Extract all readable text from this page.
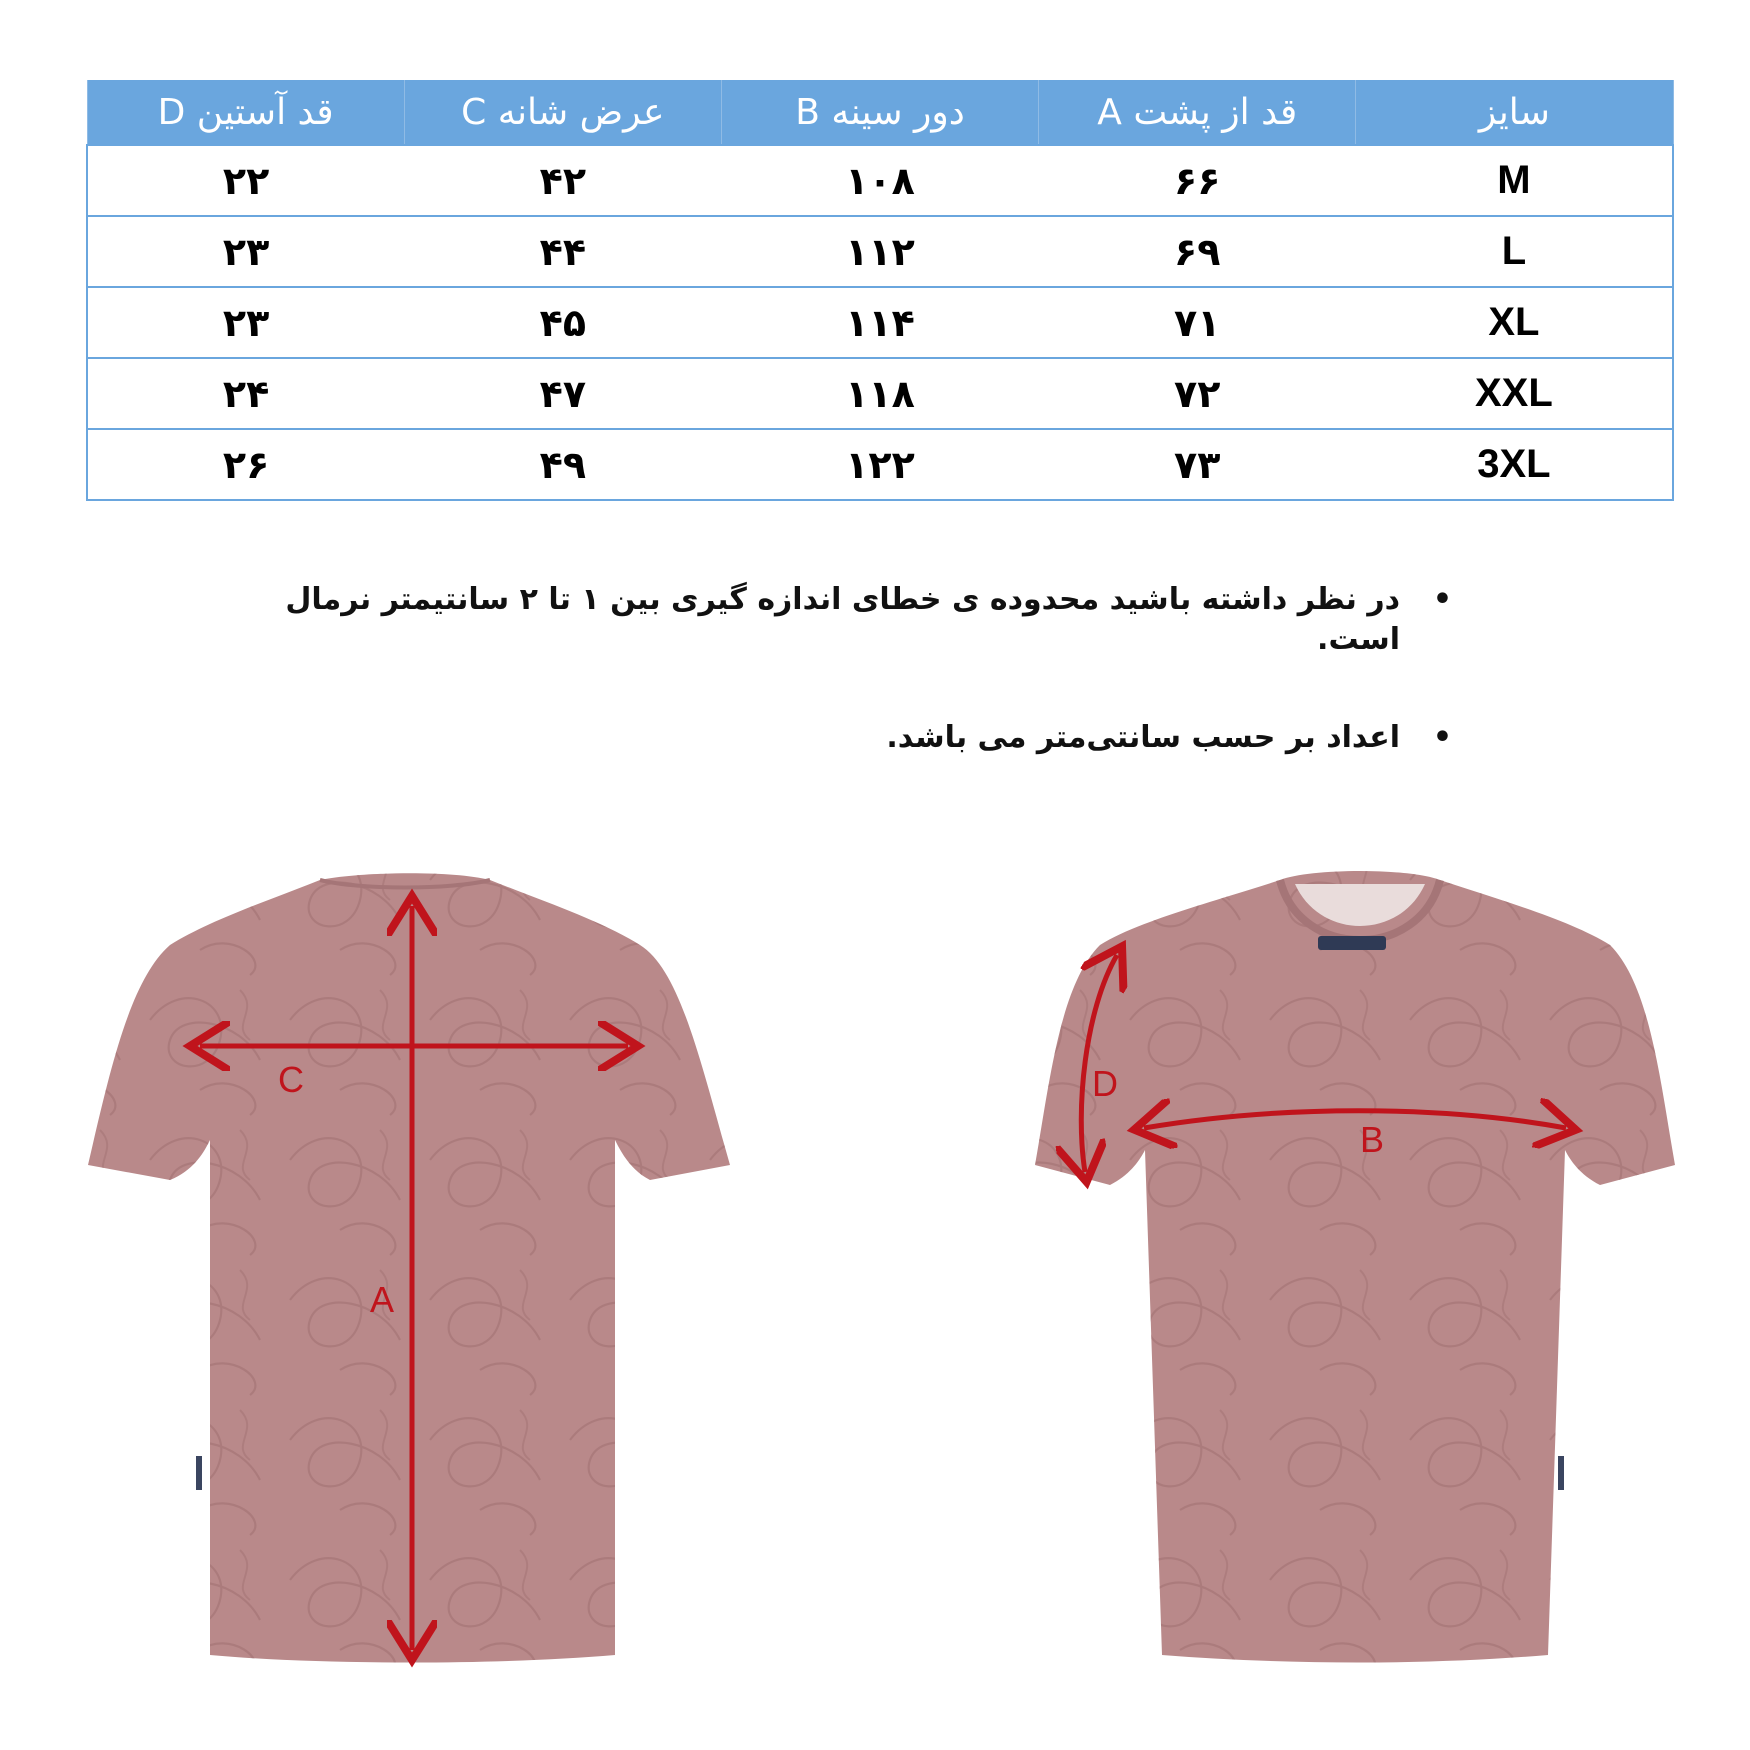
سایز	قد از پشت A	دور سینه B	عرض شانه C	قد آستین D
M	۶۶	۱۰۸	۴۲	۲۲
L	۶۹	۱۱۲	۴۴	۲۳
XL	۷۱	۱۱۴	۴۵	۲۳
XXL	۷۲	۱۱۸	۴۷	۲۴
3XL	۷۳	۱۲۲	۴۹	۲۶
•
در نظر داشته باشید محدوده ی خطای اندازه گیری بین ۱ تا ۲ سانتیمتر نرمال است.
•
اعداد بر حسب سانتی‌متر می باشد.
A
C	D
B
